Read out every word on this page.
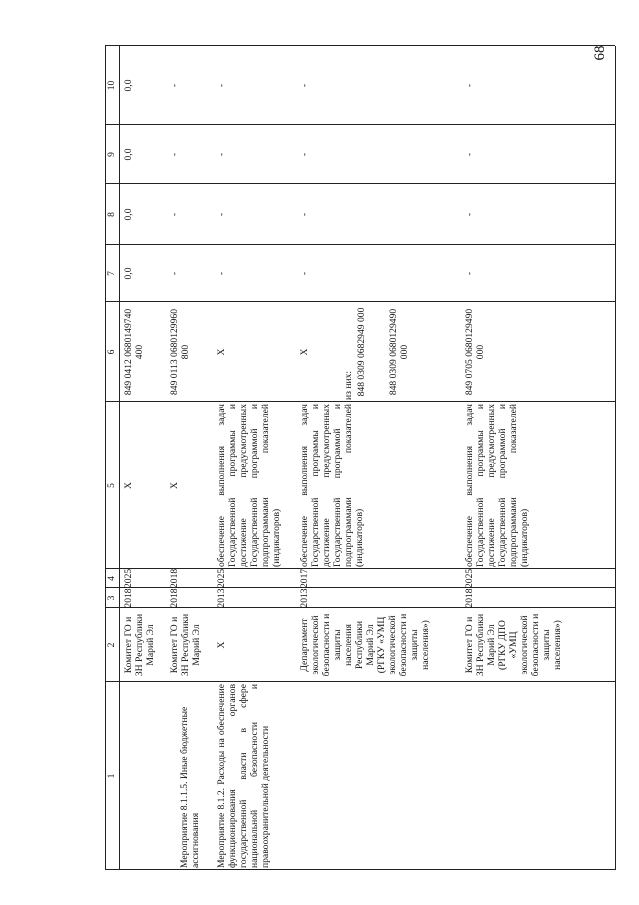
68
1
2
3
4
5
6
7
8
9
10
Комитет ГО и ЗН Республики Марий Эл
2018
2025
Х
849 0412 0680149740 400
0,0
0,0
0,0
0,0
Мероприятие 8.1.1.5. Иные бюджетные ассигнования
Комитет ГО и ЗН Республики Марий Эл
2018
2018
Х
849 0113 0680129960 800
-
-
-
-
Мероприятие 8.1.2. Расходы на обеспечение функционирования органов государственной власти в сфере национальной безопасности и правоохранительной деятельности
Х
2013
2025
обеспечение выполнения задач Государственной программы и достижение предусмотренных Государственной программой и подпрограммами показателей (индикаторов)
Х
-
-
-
-
Департамент экологической безопасности и защиты населения Республики Марий Эл (РГКУ «УМЦ экологической безопасности и защиты населения»)
2013
2017
обеспечение выполнения задач Государственной программы и достижение предусмотренных Государственной программой и подпрограммами показателей (индикаторов)
Х
из них: 848 0309 0682949 000 848 0309 0680129490 000
-
-
-
-
Комитет ГО и ЗН Республики Марий Эл (РГКУ ДПО «УМЦ экологической безопасности и защиты населения»)
2018
2025
обеспечение выполнения задач Государственной программы и достижение предусмотренных Государственной программой и подпрограммами показателей (индикаторов)
849 0705 0680129490 000
-
-
-
-
